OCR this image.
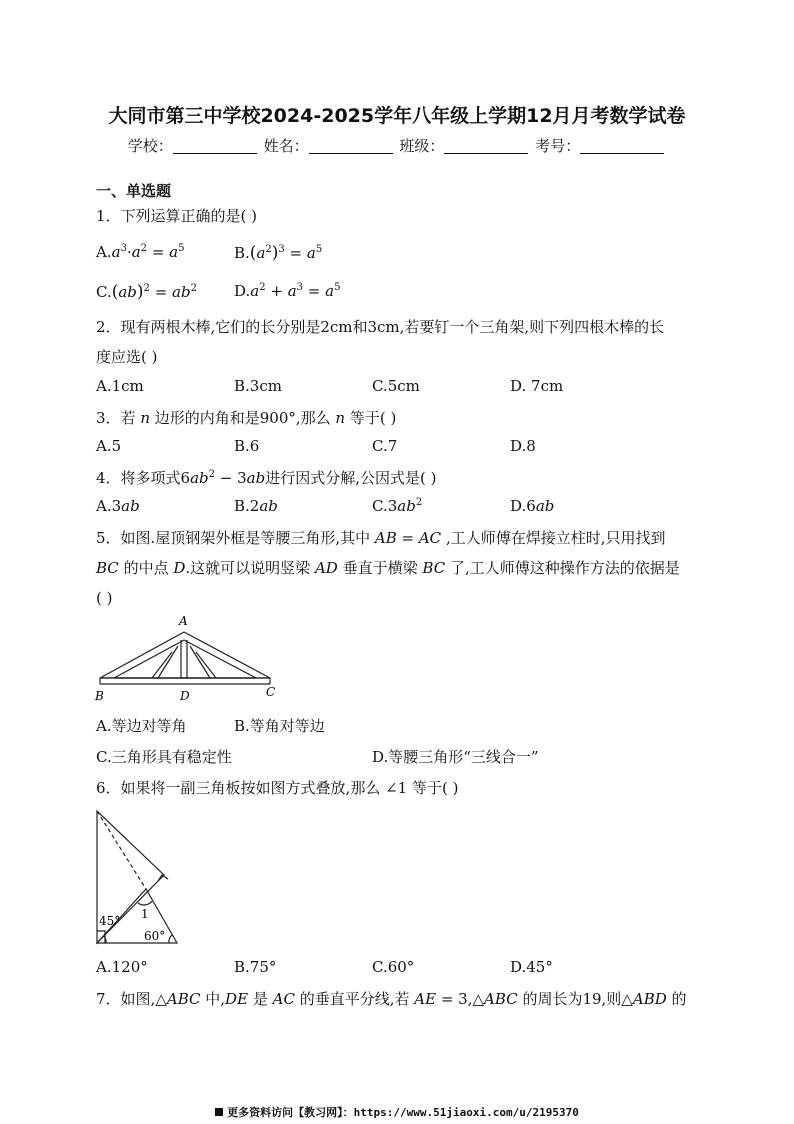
大同市第三中学校2024-2025学年八年级上学期12月月考数学试卷
学校：	姓名：	班级：	考号：
一、单选题
1．下列运算正确的是( )
$A.a^3\cdot a^2 = a^5$	$B.(a^2)^3 = a^5$
$C.(ab)^2 = ab^2$ $D.a^2 + a^3 = a^5$
2．现有两根木棒,它们的长分别是2cm和3cm,若要钉一个三角架,则下列四根木棒的长
度应选( )
A.1cm	B.3cm	C.5cm	D. 7cm
3．若 n 边形的内角和是900°,那么 n 等于( )
A.5	B.6	C.7	D.8
4．将多项式$6ab^2 - 3ab$进行因式分解,公因式是( )
A.3ab	B.2ab	$C.3ab^2$	D.6ab
5．如图.屋顶钢架外框是等腰三角形,其中 AB = AC ,工人师傅在焊接立柱时,只用找到
BC 的中点 D.这就可以说明竖梁 AD 垂直于横梁 BC 了,工人师傅这种操作方法的依据是
( )
A
B	D	C
A.等边对等角	B.等角对等边
C.三角形具有稳定性	D.等腰三角形“三线合一”
6．如果将一副三角板按如图方式叠放,那么 ∠1 等于( )
45°
60°
1
A.120°	B.75°	C.60°	D.45°
7．如图,△ABC 中,DE 是 AC 的垂直平分线,若 AE = 3,△ABC 的周长为19,则△ABD 的
更多资料访问【教习网】：https://www.51jiaoxi.com/u/2195370
